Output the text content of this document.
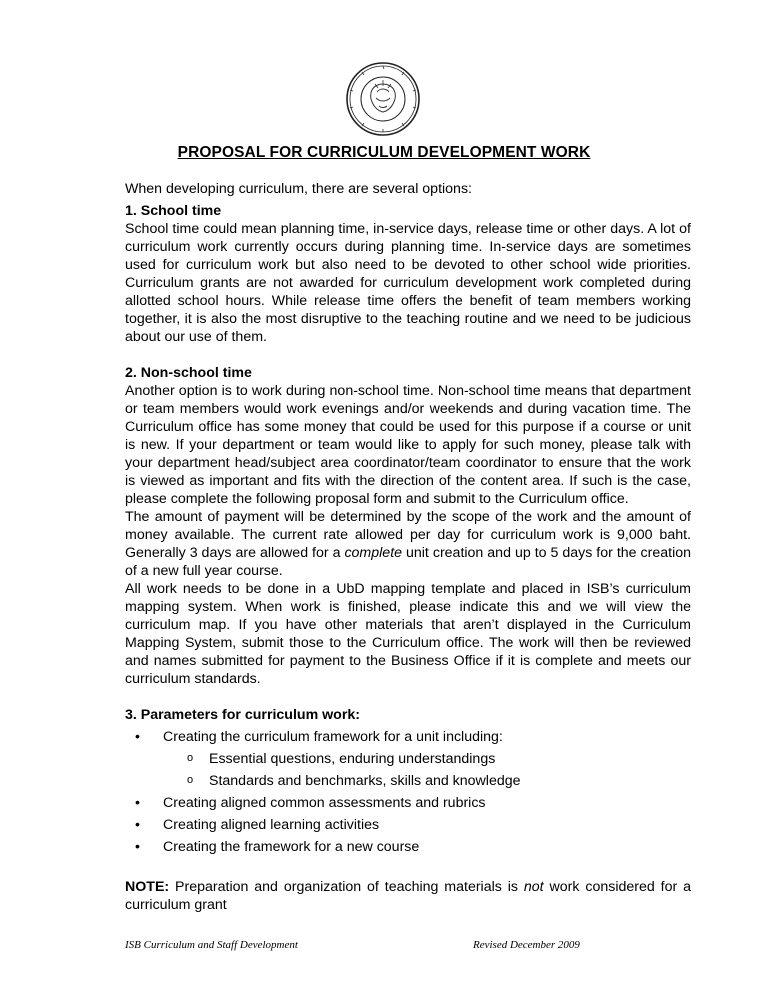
PROPOSAL FOR CURRICULUM DEVELOPMENT WORK

When developing curriculum, there are several options:

1. School time

School time could mean planning time, in-service days, release time or other days. A lot of curriculum work currently occurs during planning time. In-service days are sometimes used for curriculum work but also need to be devoted to other school wide priorities. Curriculum grants are not awarded for curriculum development work completed during allotted school hours. While release time offers the benefit of team members working together, it is also the most disruptive to the teaching routine and we need to be judicious about our use of them.

2. Non-school time

Another option is to work during non-school time. Non-school time means that department or team members would work evenings and/or weekends and during vacation time. The Curriculum office has some money that could be used for this purpose if a course or unit is new. If your department or team would like to apply for such money, please talk with your department head/subject area coordinator/team coordinator to ensure that the work is viewed as important and fits with the direction of the content area. If such is the case, please complete the following proposal form and submit to the Curriculum office.

The amount of payment will be determined by the scope of the work and the amount of money available. The current rate allowed per day for curriculum work is 9,000 baht. Generally 3 days are allowed for a complete unit creation and up to 5 days for the creation of a new full year course.

All work needs to be done in a UbD mapping template and placed in ISB’s curriculum mapping system. When work is finished, please indicate this and we will view the curriculum map. If you have other materials that aren’t displayed in the Curriculum Mapping System, submit those to the Curriculum office. The work will then be reviewed and names submitted for payment to the Business Office if it is complete and meets our curriculum standards.

3. Parameters for curriculum work:

• Creating the curriculum framework for a unit including:
o Essential questions, enduring understandings
o Standards and benchmarks, skills and knowledge
• Creating aligned common assessments and rubrics
• Creating aligned learning activities
• Creating the framework for a new course

NOTE: Preparation and organization of teaching materials is not work considered for a curriculum grant

ISB Curriculum and Staff Development	Revised December 2009
